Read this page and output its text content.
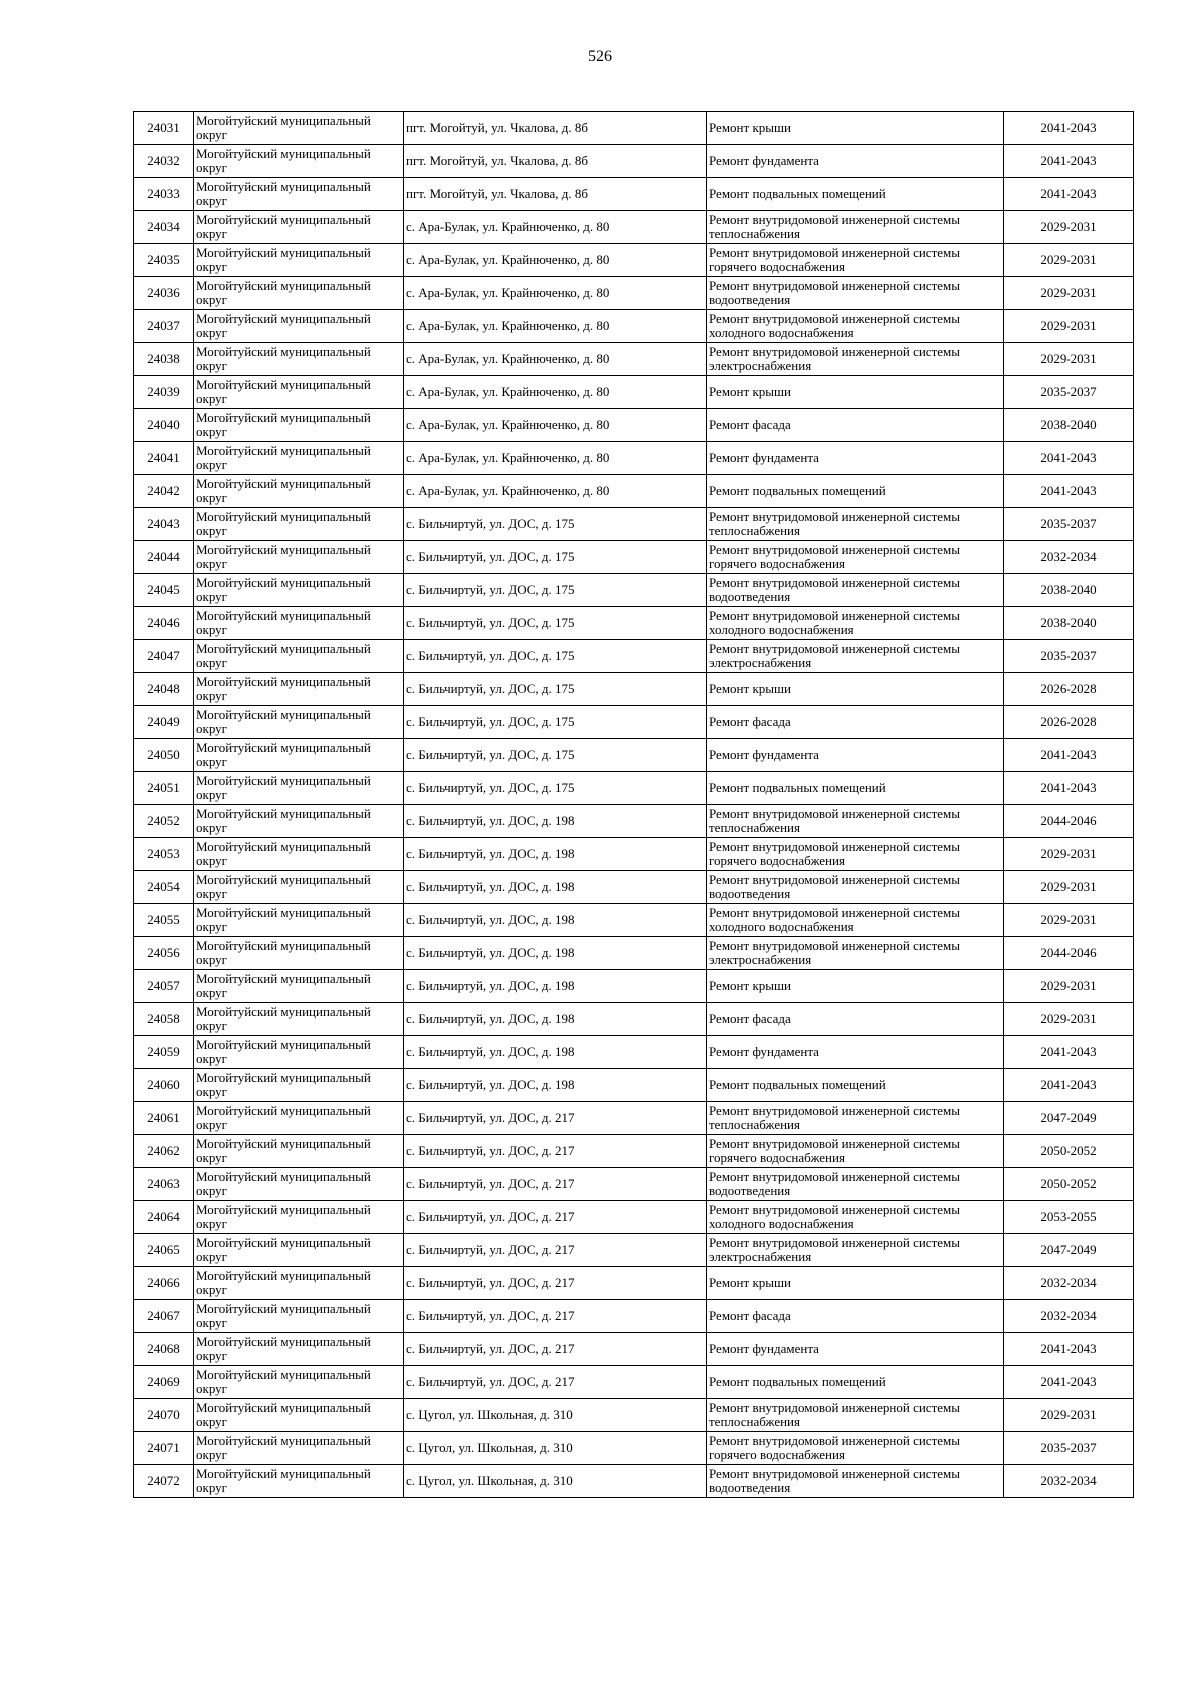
526
24031	Могойтуйский муниципальный округ	пгт. Могойтуй, ул. Чкалова, д. 8б	Ремонт крыши	2041-2043
24032	Могойтуйский муниципальный округ	пгт. Могойтуй, ул. Чкалова, д. 8б	Ремонт фундамента	2041-2043
24033	Могойтуйский муниципальный округ	пгт. Могойтуй, ул. Чкалова, д. 8б	Ремонт подвальных помещений	2041-2043
24034	Могойтуйский муниципальный округ	с. Ара-Булак, ул. Крайнюченко, д. 80	Ремонт внутридомовой инженерной системы теплоснабжения	2029-2031
24035	Могойтуйский муниципальный округ	с. Ара-Булак, ул. Крайнюченко, д. 80	Ремонт внутридомовой инженерной системы горячего водоснабжения	2029-2031
24036	Могойтуйский муниципальный округ	с. Ара-Булак, ул. Крайнюченко, д. 80	Ремонт внутридомовой инженерной системы водоотведения	2029-2031
24037	Могойтуйский муниципальный округ	с. Ара-Булак, ул. Крайнюченко, д. 80	Ремонт внутридомовой инженерной системы холодного водоснабжения	2029-2031
24038	Могойтуйский муниципальный округ	с. Ара-Булак, ул. Крайнюченко, д. 80	Ремонт внутридомовой инженерной системы электроснабжения	2029-2031
24039	Могойтуйский муниципальный округ	с. Ара-Булак, ул. Крайнюченко, д. 80	Ремонт крыши	2035-2037
24040	Могойтуйский муниципальный округ	с. Ара-Булак, ул. Крайнюченко, д. 80	Ремонт фасада	2038-2040
24041	Могойтуйский муниципальный округ	с. Ара-Булак, ул. Крайнюченко, д. 80	Ремонт фундамента	2041-2043
24042	Могойтуйский муниципальный округ	с. Ара-Булак, ул. Крайнюченко, д. 80	Ремонт подвальных помещений	2041-2043
24043	Могойтуйский муниципальный округ	с. Бильчиртуй, ул. ДОС, д. 175	Ремонт внутридомовой инженерной системы теплоснабжения	2035-2037
24044	Могойтуйский муниципальный округ	с. Бильчиртуй, ул. ДОС, д. 175	Ремонт внутридомовой инженерной системы горячего водоснабжения	2032-2034
24045	Могойтуйский муниципальный округ	с. Бильчиртуй, ул. ДОС, д. 175	Ремонт внутридомовой инженерной системы водоотведения	2038-2040
24046	Могойтуйский муниципальный округ	с. Бильчиртуй, ул. ДОС, д. 175	Ремонт внутридомовой инженерной системы холодного водоснабжения	2038-2040
24047	Могойтуйский муниципальный округ	с. Бильчиртуй, ул. ДОС, д. 175	Ремонт внутридомовой инженерной системы электроснабжения	2035-2037
24048	Могойтуйский муниципальный округ	с. Бильчиртуй, ул. ДОС, д. 175	Ремонт крыши	2026-2028
24049	Могойтуйский муниципальный округ	с. Бильчиртуй, ул. ДОС, д. 175	Ремонт фасада	2026-2028
24050	Могойтуйский муниципальный округ	с. Бильчиртуй, ул. ДОС, д. 175	Ремонт фундамента	2041-2043
24051	Могойтуйский муниципальный округ	с. Бильчиртуй, ул. ДОС, д. 175	Ремонт подвальных помещений	2041-2043
24052	Могойтуйский муниципальный округ	с. Бильчиртуй, ул. ДОС, д. 198	Ремонт внутридомовой инженерной системы теплоснабжения	2044-2046
24053	Могойтуйский муниципальный округ	с. Бильчиртуй, ул. ДОС, д. 198	Ремонт внутридомовой инженерной системы горячего водоснабжения	2029-2031
24054	Могойтуйский муниципальный округ	с. Бильчиртуй, ул. ДОС, д. 198	Ремонт внутридомовой инженерной системы водоотведения	2029-2031
24055	Могойтуйский муниципальный округ	с. Бильчиртуй, ул. ДОС, д. 198	Ремонт внутридомовой инженерной системы холодного водоснабжения	2029-2031
24056	Могойтуйский муниципальный округ	с. Бильчиртуй, ул. ДОС, д. 198	Ремонт внутридомовой инженерной системы электроснабжения	2044-2046
24057	Могойтуйский муниципальный округ	с. Бильчиртуй, ул. ДОС, д. 198	Ремонт крыши	2029-2031
24058	Могойтуйский муниципальный округ	с. Бильчиртуй, ул. ДОС, д. 198	Ремонт фасада	2029-2031
24059	Могойтуйский муниципальный округ	с. Бильчиртуй, ул. ДОС, д. 198	Ремонт фундамента	2041-2043
24060	Могойтуйский муниципальный округ	с. Бильчиртуй, ул. ДОС, д. 198	Ремонт подвальных помещений	2041-2043
24061	Могойтуйский муниципальный округ	с. Бильчиртуй, ул. ДОС, д. 217	Ремонт внутридомовой инженерной системы теплоснабжения	2047-2049
24062	Могойтуйский муниципальный округ	с. Бильчиртуй, ул. ДОС, д. 217	Ремонт внутридомовой инженерной системы горячего водоснабжения	2050-2052
24063	Могойтуйский муниципальный округ	с. Бильчиртуй, ул. ДОС, д. 217	Ремонт внутридомовой инженерной системы водоотведения	2050-2052
24064	Могойтуйский муниципальный округ	с. Бильчиртуй, ул. ДОС, д. 217	Ремонт внутридомовой инженерной системы холодного водоснабжения	2053-2055
24065	Могойтуйский муниципальный округ	с. Бильчиртуй, ул. ДОС, д. 217	Ремонт внутридомовой инженерной системы электроснабжения	2047-2049
24066	Могойтуйский муниципальный округ	с. Бильчиртуй, ул. ДОС, д. 217	Ремонт крыши	2032-2034
24067	Могойтуйский муниципальный округ	с. Бильчиртуй, ул. ДОС, д. 217	Ремонт фасада	2032-2034
24068	Могойтуйский муниципальный округ	с. Бильчиртуй, ул. ДОС, д. 217	Ремонт фундамента	2041-2043
24069	Могойтуйский муниципальный округ	с. Бильчиртуй, ул. ДОС, д. 217	Ремонт подвальных помещений	2041-2043
24070	Могойтуйский муниципальный округ	с. Цугол, ул. Школьная, д. 310	Ремонт внутридомовой инженерной системы теплоснабжения	2029-2031
24071	Могойтуйский муниципальный округ	с. Цугол, ул. Школьная, д. 310	Ремонт внутридомовой инженерной системы горячего водоснабжения	2035-2037
24072	Могойтуйский муниципальный округ	с. Цугол, ул. Школьная, д. 310	Ремонт внутридомовой инженерной системы водоотведения	2032-2034
